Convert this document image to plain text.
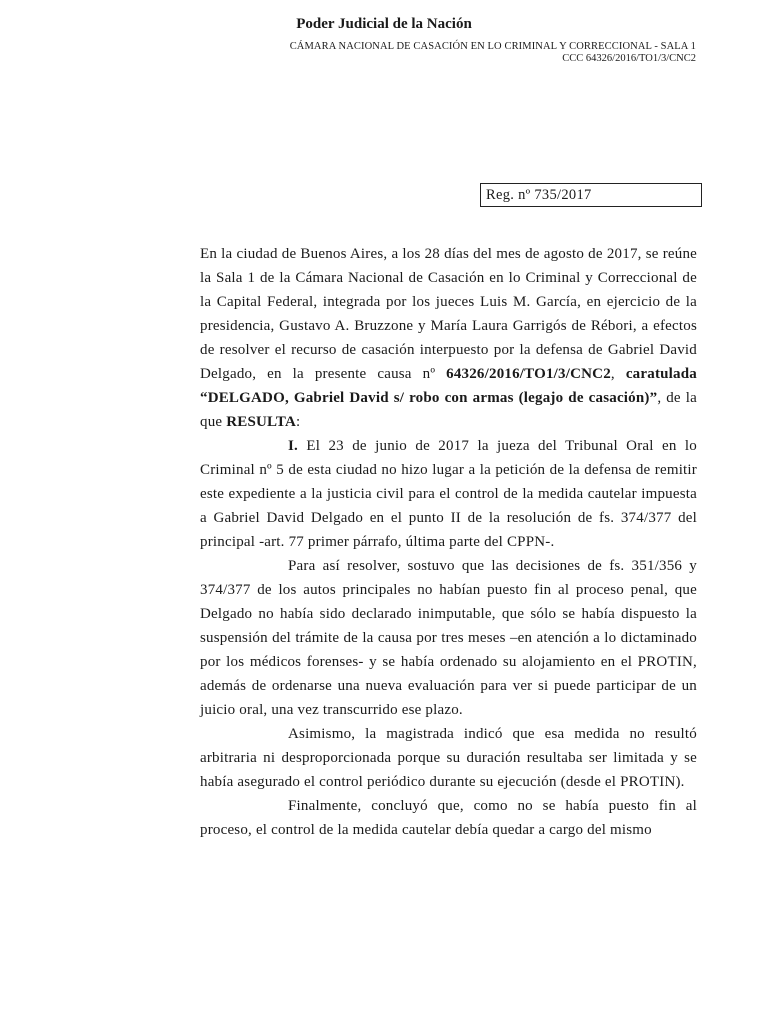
Poder Judicial de la Nación
CÁMARA NACIONAL DE CASACIÓN EN LO CRIMINAL Y CORRECCIONAL - SALA 1
CCC 64326/2016/TO1/3/CNC2
Reg. nº 735/2017

En la ciudad de Buenos Aires, a los 28 días del mes de agosto de 2017, se reúne la Sala 1 de la Cámara Nacional de Casación en lo Criminal y Correccional de la Capital Federal, integrada por los jueces Luis M. García, en ejercicio de la presidencia, Gustavo A. Bruzzone y María Laura Garrigós de Rébori, a efectos de resolver el recurso de casación interpuesto por la defensa de Gabriel David Delgado, en la presente causa nº 64326/2016/TO1/3/CNC2, caratulada “DELGADO, Gabriel David s/ robo con armas (legajo de casación)”, de la que RESULTA:

I. El 23 de junio de 2017 la jueza del Tribunal Oral en lo Criminal nº 5 de esta ciudad no hizo lugar a la petición de la defensa de remitir este expediente a la justicia civil para el control de la medida cautelar impuesta a Gabriel David Delgado en el punto II de la resolución de fs. 374/377 del principal -art. 77 primer párrafo, última parte del CPPN-.

Para así resolver, sostuvo que las decisiones de fs. 351/356 y 374/377 de los autos principales no habían puesto fin al proceso penal, que Delgado no había sido declarado inimputable, que sólo se había dispuesto la suspensión del trámite de la causa por tres meses –en atención a lo dictaminado por los médicos forenses- y se había ordenado su alojamiento en el PROTIN, además de ordenarse una nueva evaluación para ver si puede participar de un juicio oral, una vez transcurrido ese plazo.

Asimismo, la magistrada indicó que esa medida no resultó arbitraria ni desproporcionada porque su duración resultaba ser limitada y se había asegurado el control periódico durante su ejecución (desde el PROTIN).

Finalmente, concluyó que, como no se había puesto fin al proceso, el control de la medida cautelar debía quedar a cargo del mismo
